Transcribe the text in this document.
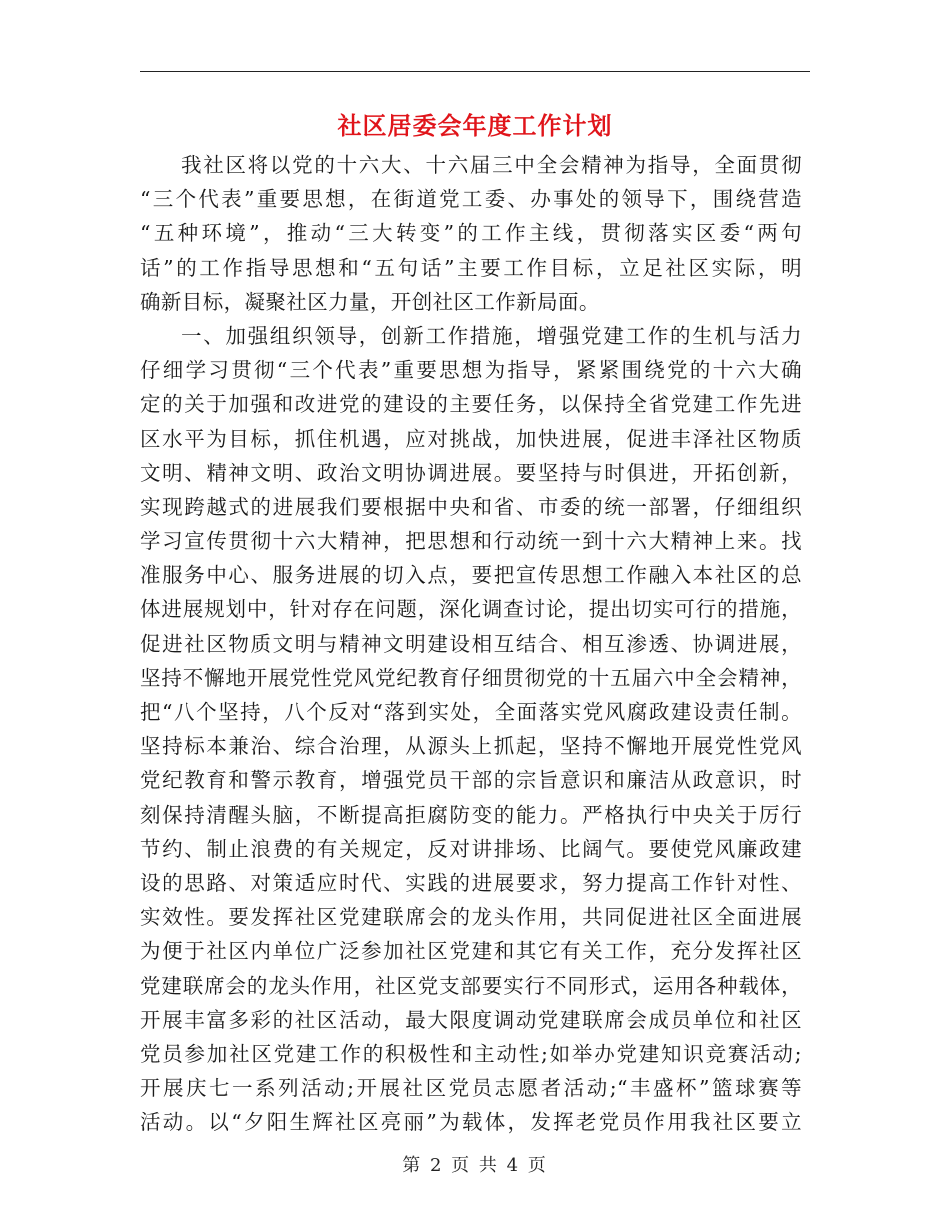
社区居委会年度工作计划
我社区将以党的十六大、十六届三中全会精神为指导，全面贯彻
“三个代表”重要思想，在街道党工委、办事处的领导下，围绕营造
“五种环境”，推动“三大转变”的工作主线，贯彻落实区委“两句
话”的工作指导思想和“五句话”主要工作目标，立足社区实际，明
确新目标，凝聚社区力量，开创社区工作新局面。
一、加强组织领导，创新工作措施，增强党建工作的生机与活力
仔细学习贯彻“三个代表”重要思想为指导，紧紧围绕党的十六大确
定的关于加强和改进党的建设的主要任务，以保持全省党建工作先进
区水平为目标，抓住机遇，应对挑战，加快进展，促进丰泽社区物质
文明、精神文明、政治文明协调进展。要坚持与时俱进，开拓创新，
实现跨越式的进展我们要根据中央和省、市委的统一部署，仔细组织
学习宣传贯彻十六大精神，把思想和行动统一到十六大精神上来。找
准服务中心、服务进展的切入点，要把宣传思想工作融入本社区的总
体进展规划中，针对存在问题，深化调查讨论，提出切实可行的措施，
促进社区物质文明与精神文明建设相互结合、相互渗透、协调进展，
坚持不懈地开展党性党风党纪教育仔细贯彻党的十五届六中全会精神，
把“八个坚持，八个反对“落到实处，全面落实党风腐政建设责任制。
坚持标本兼治、综合治理，从源头上抓起，坚持不懈地开展党性党风
党纪教育和警示教育，增强党员干部的宗旨意识和廉洁从政意识，时
刻保持清醒头脑，不断提高拒腐防变的能力。严格执行中央关于厉行
节约、制止浪费的有关规定，反对讲排场、比阔气。要使党风廉政建
设的思路、对策适应时代、实践的进展要求，努力提高工作针对性、
实效性。要发挥社区党建联席会的龙头作用，共同促进社区全面进展
为便于社区内单位广泛参加社区党建和其它有关工作，充分发挥社区
党建联席会的龙头作用，社区党支部要实行不同形式，运用各种载体，
开展丰富多彩的社区活动，最大限度调动党建联席会成员单位和社区
党员参加社区党建工作的积极性和主动性;如举办党建知识竞赛活动;
开展庆七一系列活动;开展社区党员志愿者活动;“丰盛杯”篮球赛等
活动。以“夕阳生辉社区亮丽”为载体，发挥老党员作用我社区要立
第 2 页 共 4 页
